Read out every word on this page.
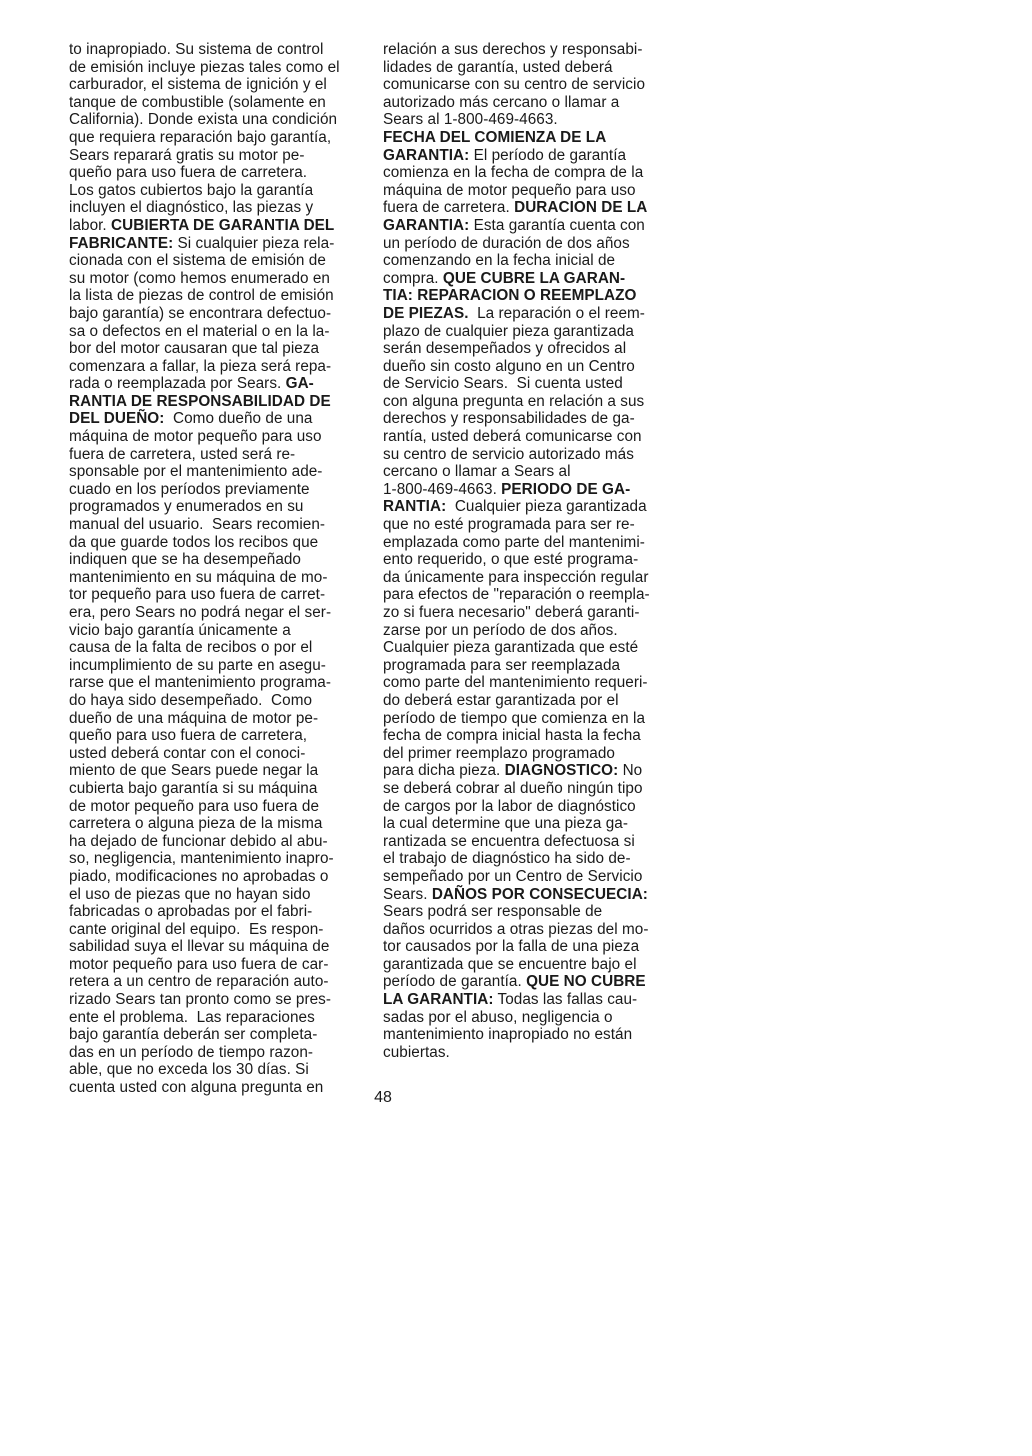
to inapropiado. Su sistema de control
de emisión incluye piezas tales como el
carburador, el sistema de ignición y el
tanque de combustible (solamente en
California). Donde exista una condición
que requiera reparación bajo garantía,
Sears reparará gratis su motor pe-
queño para uso fuera de carretera.
Los gatos cubiertos bajo la garantía
incluyen el diagnóstico, las piezas y
labor. CUBIERTA DE GARANTIA DEL
FABRICANTE: Si cualquier pieza rela-
cionada con el sistema de emisión de
su motor (como hemos enumerado en
la lista de piezas de control de emisión
bajo garantía) se encontrara defectuo-
sa o defectos en el material o en la la-
bor del motor causaran que tal pieza
comenzara a fallar, la pieza será repa-
rada o reemplazada por Sears. GA-
RANTIA DE RESPONSABILIDAD DE
DEL DUEÑO:  Como dueño de una
máquina de motor pequeño para uso
fuera de carretera, usted será re-
sponsable por el mantenimiento ade-
cuado en los períodos previamente
programados y enumerados en su
manual del usuario.  Sears recomien-
da que guarde todos los recibos que
indiquen que se ha desempeñado
mantenimiento en su máquina de mo-
tor pequeño para uso fuera de carret-
era, pero Sears no podrá negar el ser-
vicio bajo garantía únicamente a
causa de la falta de recibos o por el
incumplimiento de su parte en asegu-
rarse que el mantenimiento programa-
do haya sido desempeñado.  Como
dueño de una máquina de motor pe-
queño para uso fuera de carretera,
usted deberá contar con el conoci-
miento de que Sears puede negar la
cubierta bajo garantía si su máquina
de motor pequeño para uso fuera de
carretera o alguna pieza de la misma
ha dejado de funcionar debido al abu-
so, negligencia, mantenimiento inapro-
piado, modificaciones no aprobadas o
el uso de piezas que no hayan sido
fabricadas o aprobadas por el fabri-
cante original del equipo.  Es respon-
sabilidad suya el llevar su máquina de
motor pequeño para uso fuera de car-
retera a un centro de reparación auto-
rizado Sears tan pronto como se pres-
ente el problema.  Las reparaciones
bajo garantía deberán ser completa-
das en un período de tiempo razon-
able, que no exceda los 30 días. Si
cuenta usted con alguna pregunta en
relación a sus derechos y responsabi-
lidades de garantía, usted deberá
comunicarse con su centro de servicio
autorizado más cercano o llamar a
Sears al 1-800-469-4663.
FECHA DEL COMIENZA DE LA
GARANTIA: El período de garantía
comienza en la fecha de compra de la
máquina de motor pequeño para uso
fuera de carretera. DURACION DE LA
GARANTIA: Esta garantía cuenta con
un período de duración de dos años
comenzando en la fecha inicial de
compra. QUE CUBRE LA GARAN-
TIA: REPARACION O REEMPLAZO
DE PIEZAS.  La reparación o el reem-
plazo de cualquier pieza garantizada
serán desempeñados y ofrecidos al
dueño sin costo alguno en un Centro
de Servicio Sears.  Si cuenta usted
con alguna pregunta en relación a sus
derechos y responsabilidades de ga-
rantía, usted deberá comunicarse con
su centro de servicio autorizado más
cercano o llamar a Sears al
1-800-469-4663. PERIODO DE GA-
RANTIA:  Cualquier pieza garantizada
que no esté programada para ser re-
emplazada como parte del mantenimi-
ento requerido, o que esté programa-
da únicamente para inspección regular
para efectos de "reparación o reempla-
zo si fuera necesario" deberá garanti-
zarse por un período de dos años.
Cualquier pieza garantizada que esté
programada para ser reemplazada
como parte del mantenimiento requeri-
do deberá estar garantizada por el
período de tiempo que comienza en la
fecha de compra inicial hasta la fecha
del primer reemplazo programado
para dicha pieza. DIAGNOSTICO: No
se deberá cobrar al dueño ningún tipo
de cargos por la labor de diagnóstico
la cual determine que una pieza ga-
rantizada se encuentra defectuosa si
el trabajo de diagnóstico ha sido de-
sempeñado por un Centro de Servicio
Sears. DAÑOS POR CONSECUECIA:
Sears podrá ser responsable de
daños ocurridos a otras piezas del mo-
tor causados por la falla de una pieza
garantizada que se encuentre bajo el
período de garantía. QUE NO CUBRE
LA GARANTIA: Todas las fallas cau-
sadas por el abuso, negligencia o
mantenimiento inapropiado no están
cubiertas.
48
